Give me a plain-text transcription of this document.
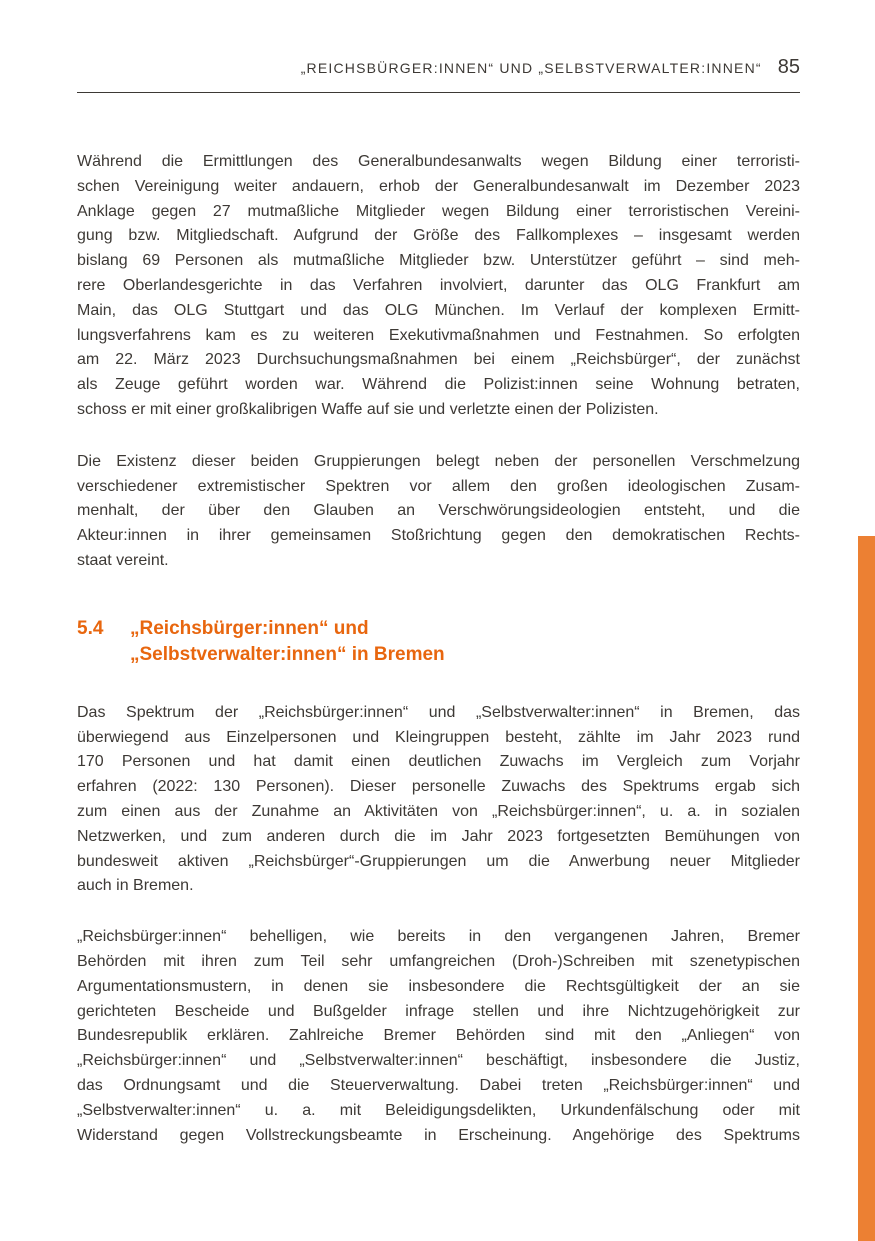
„REICHSBÜRGER:INNEN“ UND „SELBSTVERWALTER:INNEN“ 85
Während die Ermittlungen des Generalbundesanwalts wegen Bildung einer terroristi-
schen Vereinigung weiter andauern, erhob der Generalbundesanwalt im Dezember 2023
Anklage gegen 27 mutmaßliche Mitglieder wegen Bildung einer terroristischen Vereini-
gung bzw. Mitgliedschaft. Aufgrund der Größe des Fallkomplexes – insgesamt werden
bislang 69 Personen als mutmaßliche Mitglieder bzw. Unterstützer geführt – sind meh-
rere Oberlandesgerichte in das Verfahren involviert, darunter das OLG Frankfurt am
Main, das OLG Stuttgart und das OLG München. Im Verlauf der komplexen Ermitt-
lungsverfahrens kam es zu weiteren Exekutivmaßnahmen und Festnahmen. So erfolgten
am 22. März 2023 Durchsuchungsmaßnahmen bei einem „Reichsbürger“, der zunächst
als Zeuge geführt worden war. Während die Polizist:innen seine Wohnung betraten,
schoss er mit einer großkalibrigen Waffe auf sie und verletzte einen der Polizisten.
Die Existenz dieser beiden Gruppierungen belegt neben der personellen Verschmelzung
verschiedener extremistischer Spektren vor allem den großen ideologischen Zusam-
menhalt, der über den Glauben an Verschwörungsideologien entsteht, und die
Akteur:innen in ihrer gemeinsamen Stoßrichtung gegen den demokratischen Rechts-
staat vereint.
5.4	„Reichsbürger:innen“ und
„Selbstverwalter:innen“ in Bremen
Das Spektrum der „Reichsbürger:innen“ und „Selbstverwalter:innen“ in Bremen, das
überwiegend aus Einzelpersonen und Kleingruppen besteht, zählte im Jahr 2023 rund
170 Personen und hat damit einen deutlichen Zuwachs im Vergleich zum Vorjahr
erfahren (2022: 130 Personen). Dieser personelle Zuwachs des Spektrums ergab sich
zum einen aus der Zunahme an Aktivitäten von „Reichsbürger:innen“, u. a. in sozialen
Netzwerken, und zum anderen durch die im Jahr 2023 fortgesetzten Bemühungen von
bundesweit aktiven „Reichsbürger“-Gruppierungen um die Anwerbung neuer Mitglieder
auch in Bremen.
„Reichsbürger:innen“ behelligen, wie bereits in den vergangenen Jahren, Bremer
Behörden mit ihren zum Teil sehr umfangreichen (Droh-)Schreiben mit szenetypischen
Argumentationsmustern, in denen sie insbesondere die Rechtsgültigkeit der an sie
gerichteten Bescheide und Bußgelder infrage stellen und ihre Nichtzugehörigkeit zur
Bundesrepublik erklären. Zahlreiche Bremer Behörden sind mit den „Anliegen“ von
„Reichsbürger:innen“ und „Selbstverwalter:innen“ beschäftigt, insbesondere die Justiz,
das Ordnungsamt und die Steuerverwaltung. Dabei treten „Reichsbürger:innen“ und
„Selbstverwalter:innen“ u. a. mit Beleidigungsdelikten, Urkundenfälschung oder mit
Widerstand gegen Vollstreckungsbeamte in Erscheinung. Angehörige des Spektrums
